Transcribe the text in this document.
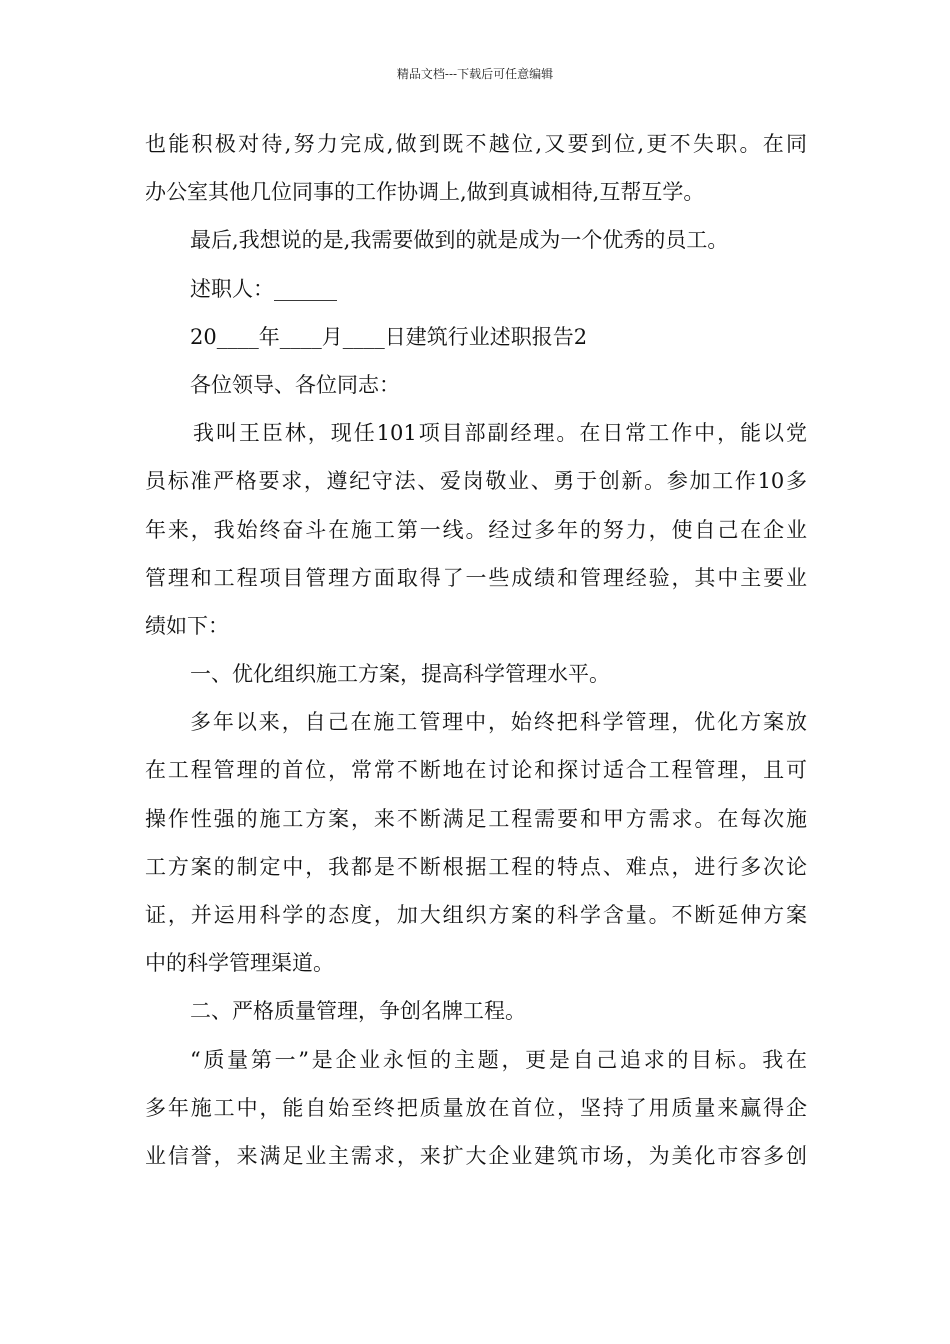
精品文档---下载后可任意编辑
也能积极对待,努力完成,做到既不越位,又要到位,更不失职。在同
办公室其他几位同事的工作协调上,做到真诚相待,互帮互学。
最后,我想说的是,我需要做到的就是成为一个优秀的员工。
述职人：______
20____年____月____日建筑行业述职报告2
各位领导、各位同志：
我叫王臣林，现任101项目部副经理。在日常工作中，能以党
员标准严格要求，遵纪守法、爱岗敬业、勇于创新。参加工作10多
年来，我始终奋斗在施工第一线。经过多年的努力，使自己在企业
管理和工程项目管理方面取得了一些成绩和管理经验，其中主要业
绩如下：
一、优化组织施工方案，提高科学管理水平。
多年以来，自己在施工管理中，始终把科学管理，优化方案放
在工程管理的首位，常常不断地在讨论和探讨适合工程管理，且可
操作性强的施工方案，来不断满足工程需要和甲方需求。在每次施
工方案的制定中，我都是不断根据工程的特点、难点，进行多次论
证，并运用科学的态度，加大组织方案的科学含量。不断延伸方案
中的科学管理渠道。
二、严格质量管理，争创名牌工程。
“质量第一”是企业永恒的主题，更是自己追求的目标。我在
多年施工中，能自始至终把质量放在首位，坚持了用质量来赢得企
业信誉，来满足业主需求，来扩大企业建筑市场，为美化市容多创
